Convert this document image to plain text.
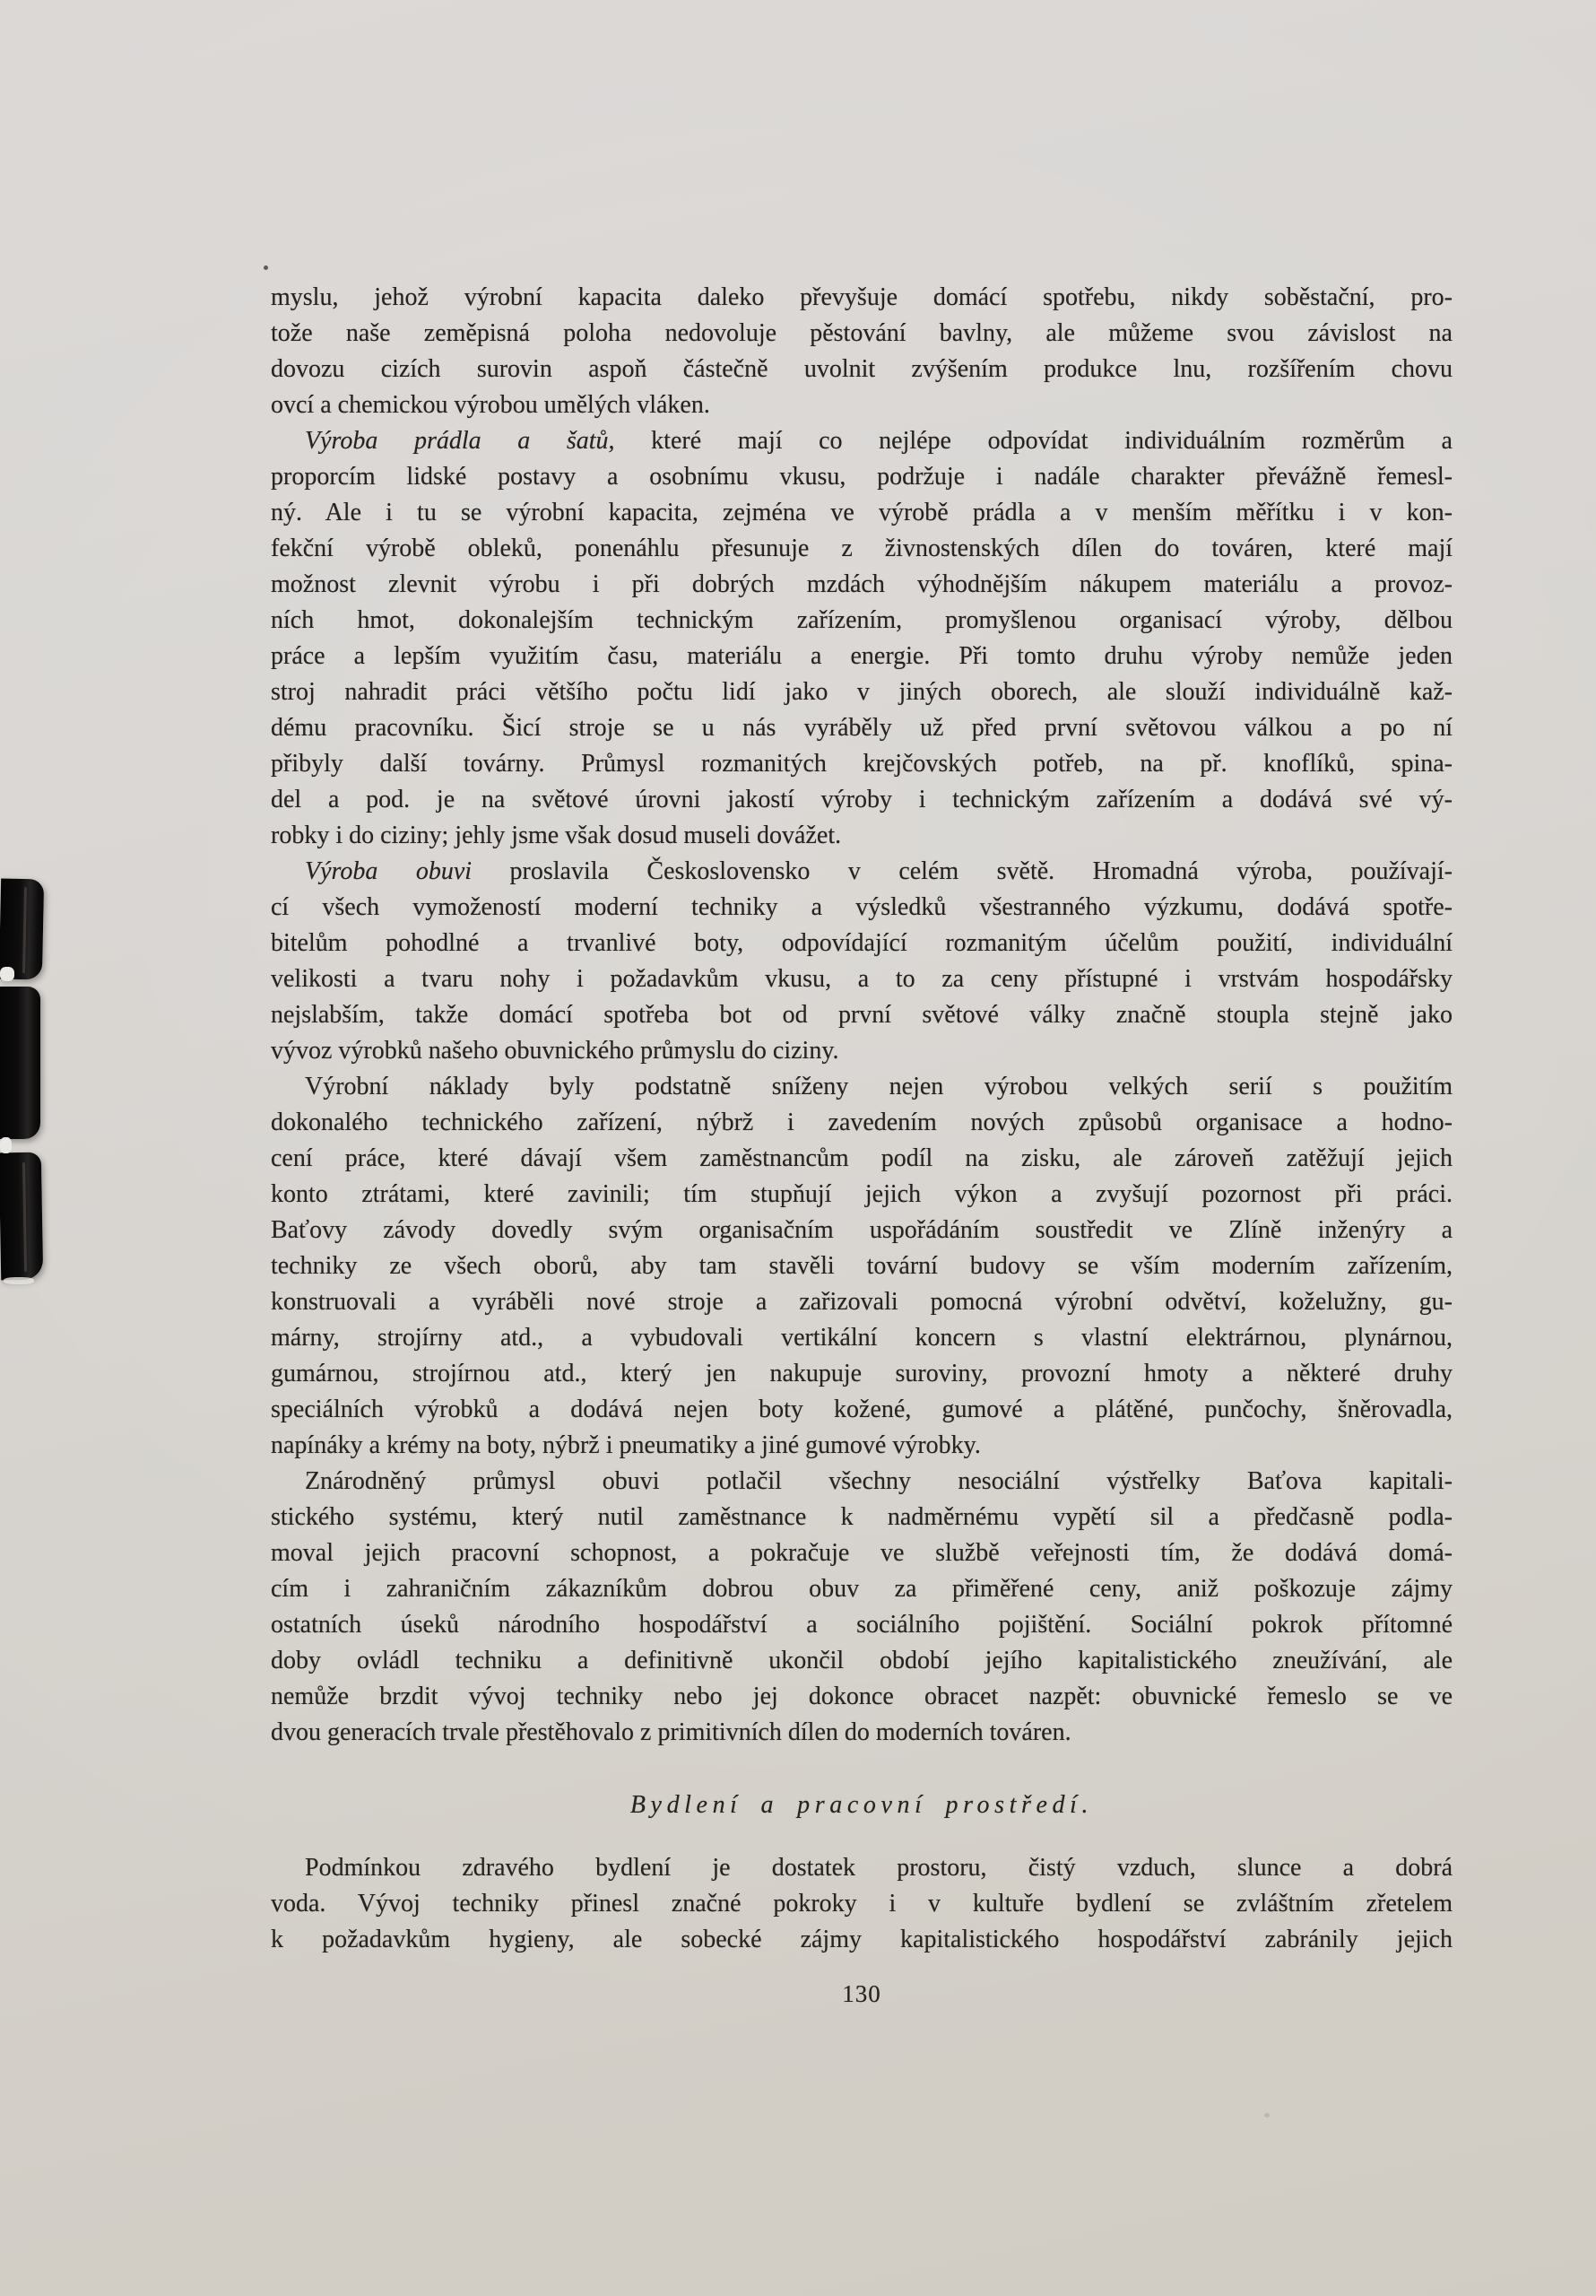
myslu, jehož výrobní kapacita daleko převyšuje domácí spotřebu, nikdy soběstační, pro-
tože naše zeměpisná poloha nedovoluje pěstování bavlny, ale můžeme svou závislost na
dovozu cizích surovin aspoň částečně uvolnit zvýšením produkce lnu, rozšířením chovu
ovcí a chemickou výrobou umělých vláken.
Výroba prádla a šatů, které mají co nejlépe odpovídat individuálním rozměrům a
proporcím lidské postavy a osobnímu vkusu, podržuje i nadále charakter převážně řemesl-
ný. Ale i tu se výrobní kapacita, zejména ve výrobě prádla a v menším měřítku i v kon-
fekční výrobě obleků, ponenáhlu přesunuje z živnostenských dílen do továren, které mají
možnost zlevnit výrobu i při dobrých mzdách výhodnějším nákupem materiálu a provoz-
ních hmot, dokonalejším technickým zařízením, promyšlenou organisací výroby, dělbou
práce a lepším využitím času, materiálu a energie. Při tomto druhu výroby nemůže jeden
stroj nahradit práci většího počtu lidí jako v jiných oborech, ale slouží individuálně kaž-
dému pracovníku. Šicí stroje se u nás vyráběly už před první světovou válkou a po ní
přibyly další továrny. Průmysl rozmanitých krejčovských potřeb, na př. knoflíků, spina-
del a pod. je na světové úrovni jakostí výroby i technickým zařízením a dodává své vý-
robky i do ciziny; jehly jsme však dosud museli dovážet.
Výroba obuvi proslavila Československo v celém světě. Hromadná výroba, používají-
cí všech vymožeností moderní techniky a výsledků všestranného výzkumu, dodává spotře-
bitelům pohodlné a trvanlivé boty, odpovídající rozmanitým účelům použití, individuální
velikosti a tvaru nohy i požadavkům vkusu, a to za ceny přístupné i vrstvám hospodářsky
nejslabším, takže domácí spotřeba bot od první světové války značně stoupla stejně jako
vývoz výrobků našeho obuvnického průmyslu do ciziny.
Výrobní náklady byly podstatně sníženy nejen výrobou velkých serií s použitím
dokonalého technického zařízení, nýbrž i zavedením nových způsobů organisace a hodno-
cení práce, které dávají všem zaměstnancům podíl na zisku, ale zároveň zatěžují jejich
konto ztrátami, které zavinili; tím stupňují jejich výkon a zvyšují pozornost při práci.
Baťovy závody dovedly svým organisačním uspořádáním soustředit ve Zlíně inženýry a
techniky ze všech oborů, aby tam stavěli tovární budovy se vším moderním zařízením,
konstruovali a vyráběli nové stroje a zařizovali pomocná výrobní odvětví, koželužny, gu-
márny, strojírny atd., a vybudovali vertikální koncern s vlastní elektrárnou, plynárnou,
gumárnou, strojírnou atd., který jen nakupuje suroviny, provozní hmoty a některé druhy
speciálních výrobků a dodává nejen boty kožené, gumové a plátěné, punčochy, šněrovadla,
napínáky a krémy na boty, nýbrž i pneumatiky a jiné gumové výrobky.
Znárodněný průmysl obuvi potlačil všechny nesociální výstřelky Baťova kapitali-
stického systému, který nutil zaměstnance k nadměrnému vypětí sil a předčasně podla-
moval jejich pracovní schopnost, a pokračuje ve službě veřejnosti tím, že dodává domá-
cím i zahraničním zákazníkům dobrou obuv za přiměřené ceny, aniž poškozuje zájmy
ostatních úseků národního hospodářství a sociálního pojištění. Sociální pokrok přítomné
doby ovládl techniku a definitivně ukončil období jejího kapitalistického zneužívání, ale
nemůže brzdit vývoj techniky nebo jej dokonce obracet nazpět: obuvnické řemeslo se ve
dvou generacích trvale přestěhovalo z primitivních dílen do moderních továren.
Bydlení a pracovní prostředí.
Podmínkou zdravého bydlení je dostatek prostoru, čistý vzduch, slunce a dobrá
voda. Vývoj techniky přinesl značné pokroky i v kultuře bydlení se zvláštním zřetelem
k požadavkům hygieny, ale sobecké zájmy kapitalistického hospodářství zabránily jejich
130
